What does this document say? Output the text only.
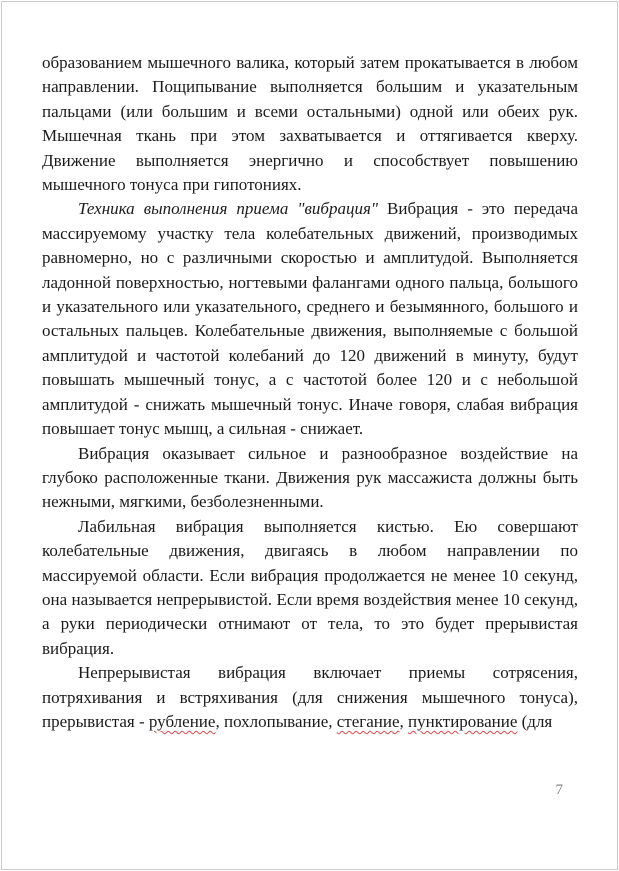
образованием мышечного валика, который затем прокатывается в любом направлении. Пощипывание выполняется большим и указательным пальцами (или большим и всеми остальными) одной или обеих рук. Мышечная ткань при этом захватывается и оттягивается кверху. Движение выполняется энергично и способствует повышению мышечного тонуса при гипотониях.

Техника выполнения приема "вибрация" Вибрация - это передача массируемому участку тела колебательных движений, производимых равномерно, но с различными скоростью и амплитудой. Выполняется ладонной поверхностью, ногтевыми фалангами одного пальца, большого и указательного или указательного, среднего и безымянного, большого и остальных пальцев. Колебательные движения, выполняемые с большой амплитудой и частотой колебаний до 120 движений в минуту, будут повышать мышечный тонус, а с частотой более 120 и с небольшой амплитудой - снижать мышечный тонус. Иначе говоря, слабая вибрация повышает тонус мышц, а сильная - снижает.

Вибрация оказывает сильное и разнообразное воздействие на глубоко расположенные ткани. Движения рук массажиста должны быть нежными, мягкими, безболезненными.

Лабильная вибрация выполняется кистью. Ею совершают колебательные движения, двигаясь в любом направлении по массируемой области. Если вибрация продолжается не менее 10 секунд, она называется непрерывистой. Если время воздействия менее 10 секунд, а руки периодически отнимают от тела, то это будет прерывистая вибрация.

Непрерывистая вибрация включает приемы сотрясения, потряхивания и встряхивания (для снижения мышечного тонуса), прерывистая - рубление, похлопывание, стегание, пунктирование (для

7
